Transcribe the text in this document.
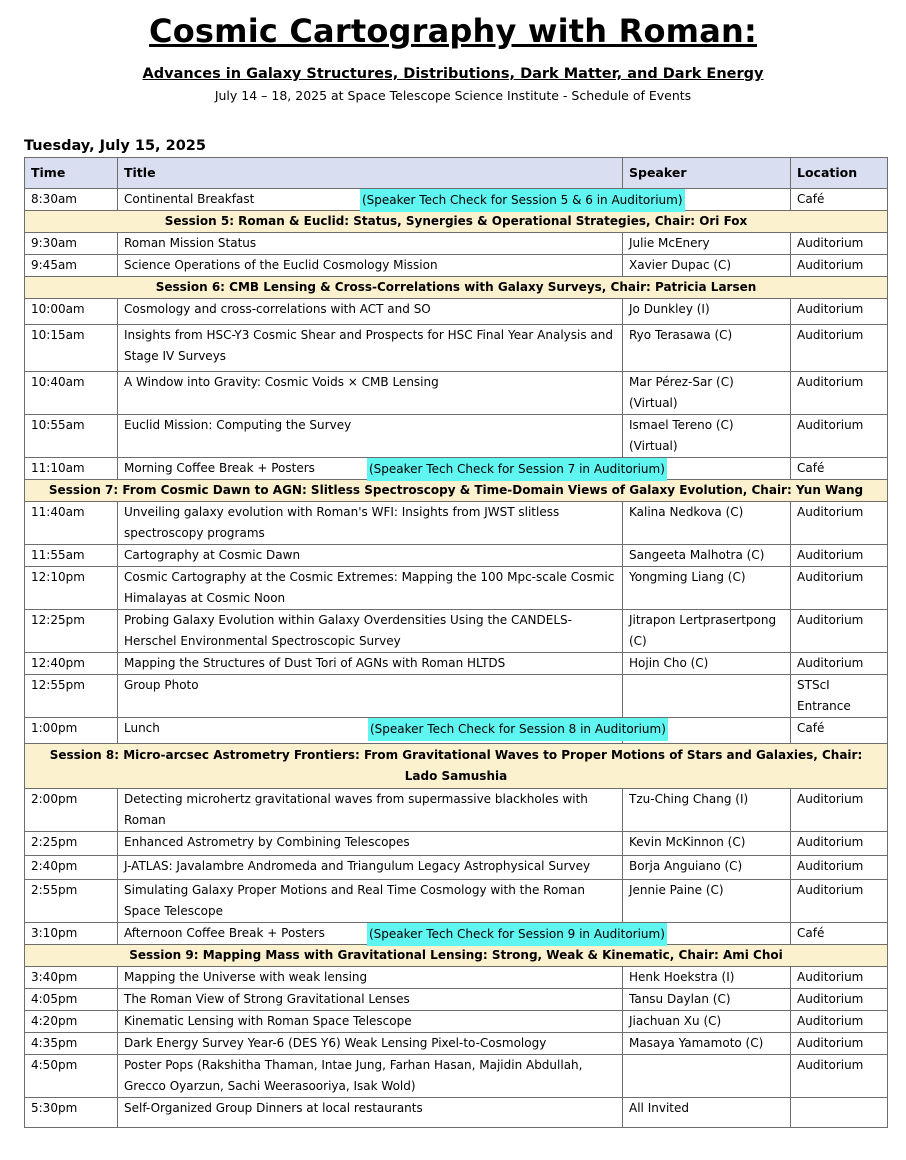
Cosmic Cartography with Roman:
Advances in Galaxy Structures, Distributions, Dark Matter, and Dark Energy
July 14 – 18, 2025 at Space Telescope Science Institute - Schedule of Events
Tuesday, July 15, 2025
Time	Title	Speaker	Location
8:30am	Continental Breakfast (Speaker Tech Check for Session 5 & 6 in Auditorium)		Café
Session 5: Roman & Euclid: Status, Synergies & Operational Strategies, Chair: Ori Fox			
9:30am	Roman Mission Status	Julie McEnery	Auditorium
9:45am	Science Operations of the Euclid Cosmology Mission	Xavier Dupac (C)	Auditorium
Session 6: CMB Lensing & Cross-Correlations with Galaxy Surveys, Chair: Patricia Larsen			
10:00am	Cosmology and cross-correlations with ACT and SO	Jo Dunkley (I)	Auditorium
10:15am	Insights from HSC-Y3 Cosmic Shear and Prospects for HSC Final Year Analysis and Stage IV Surveys	Ryo Terasawa (C)	Auditorium
10:40am	A Window into Gravity: Cosmic Voids × CMB Lensing	Mar Pérez-Sar (C) (Virtual)	Auditorium
10:55am	Euclid Mission: Computing the Survey	Ismael Tereno (C) (Virtual)	Auditorium
11:10am	Morning Coffee Break + Posters (Speaker Tech Check for Session 7 in Auditorium)		Café
Session 7: From Cosmic Dawn to AGN: Slitless Spectroscopy & Time-Domain Views of Galaxy Evolution, Chair: Yun Wang			
11:40am	Unveiling galaxy evolution with Roman's WFI: Insights from JWST slitless spectroscopy programs	Kalina Nedkova (C)	Auditorium
11:55am	Cartography at Cosmic Dawn	Sangeeta Malhotra (C)	Auditorium
12:10pm	Cosmic Cartography at the Cosmic Extremes: Mapping the 100 Mpc-scale Cosmic Himalayas at Cosmic Noon	Yongming Liang (C)	Auditorium
12:25pm	Probing Galaxy Evolution within Galaxy Overdensities Using the CANDELS-Herschel Environmental Spectroscopic Survey	Jitrapon Lertprasertpong (C)	Auditorium
12:40pm	Mapping the Structures of Dust Tori of AGNs with Roman HLTDS	Hojin Cho (C)	Auditorium
12:55pm	Group Photo		STScI Entrance
1:00pm	Lunch (Speaker Tech Check for Session 8 in Auditorium)		Café
Session 8: Micro-arcsec Astrometry Frontiers: From Gravitational Waves to Proper Motions of Stars and Galaxies, Chair: Lado Samushia			
2:00pm	Detecting microhertz gravitational waves from supermassive blackholes with Roman	Tzu-Ching Chang (I)	Auditorium
2:25pm	Enhanced Astrometry by Combining Telescopes	Kevin McKinnon (C)	Auditorium
2:40pm	J-ATLAS: Javalambre Andromeda and Triangulum Legacy Astrophysical Survey	Borja Anguiano (C)	Auditorium
2:55pm	Simulating Galaxy Proper Motions and Real Time Cosmology with the Roman Space Telescope	Jennie Paine (C)	Auditorium
3:10pm	Afternoon Coffee Break + Posters (Speaker Tech Check for Session 9 in Auditorium)		Café
Session 9: Mapping Mass with Gravitational Lensing: Strong, Weak & Kinematic, Chair: Ami Choi			
3:40pm	Mapping the Universe with weak lensing	Henk Hoekstra (I)	Auditorium
4:05pm	The Roman View of Strong Gravitational Lenses	Tansu Daylan (C)	Auditorium
4:20pm	Kinematic Lensing with Roman Space Telescope	Jiachuan Xu (C)	Auditorium
4:35pm	Dark Energy Survey Year-6 (DES Y6) Weak Lensing Pixel-to-Cosmology	Masaya Yamamoto (C)	Auditorium
4:50pm	Poster Pops (Rakshitha Thaman, Intae Jung, Farhan Hasan, Majidin Abdullah, Grecco Oyarzun, Sachi Weerasooriya, Isak Wold)		Auditorium
5:30pm	Self-Organized Group Dinners at local restaurants	All Invited	
